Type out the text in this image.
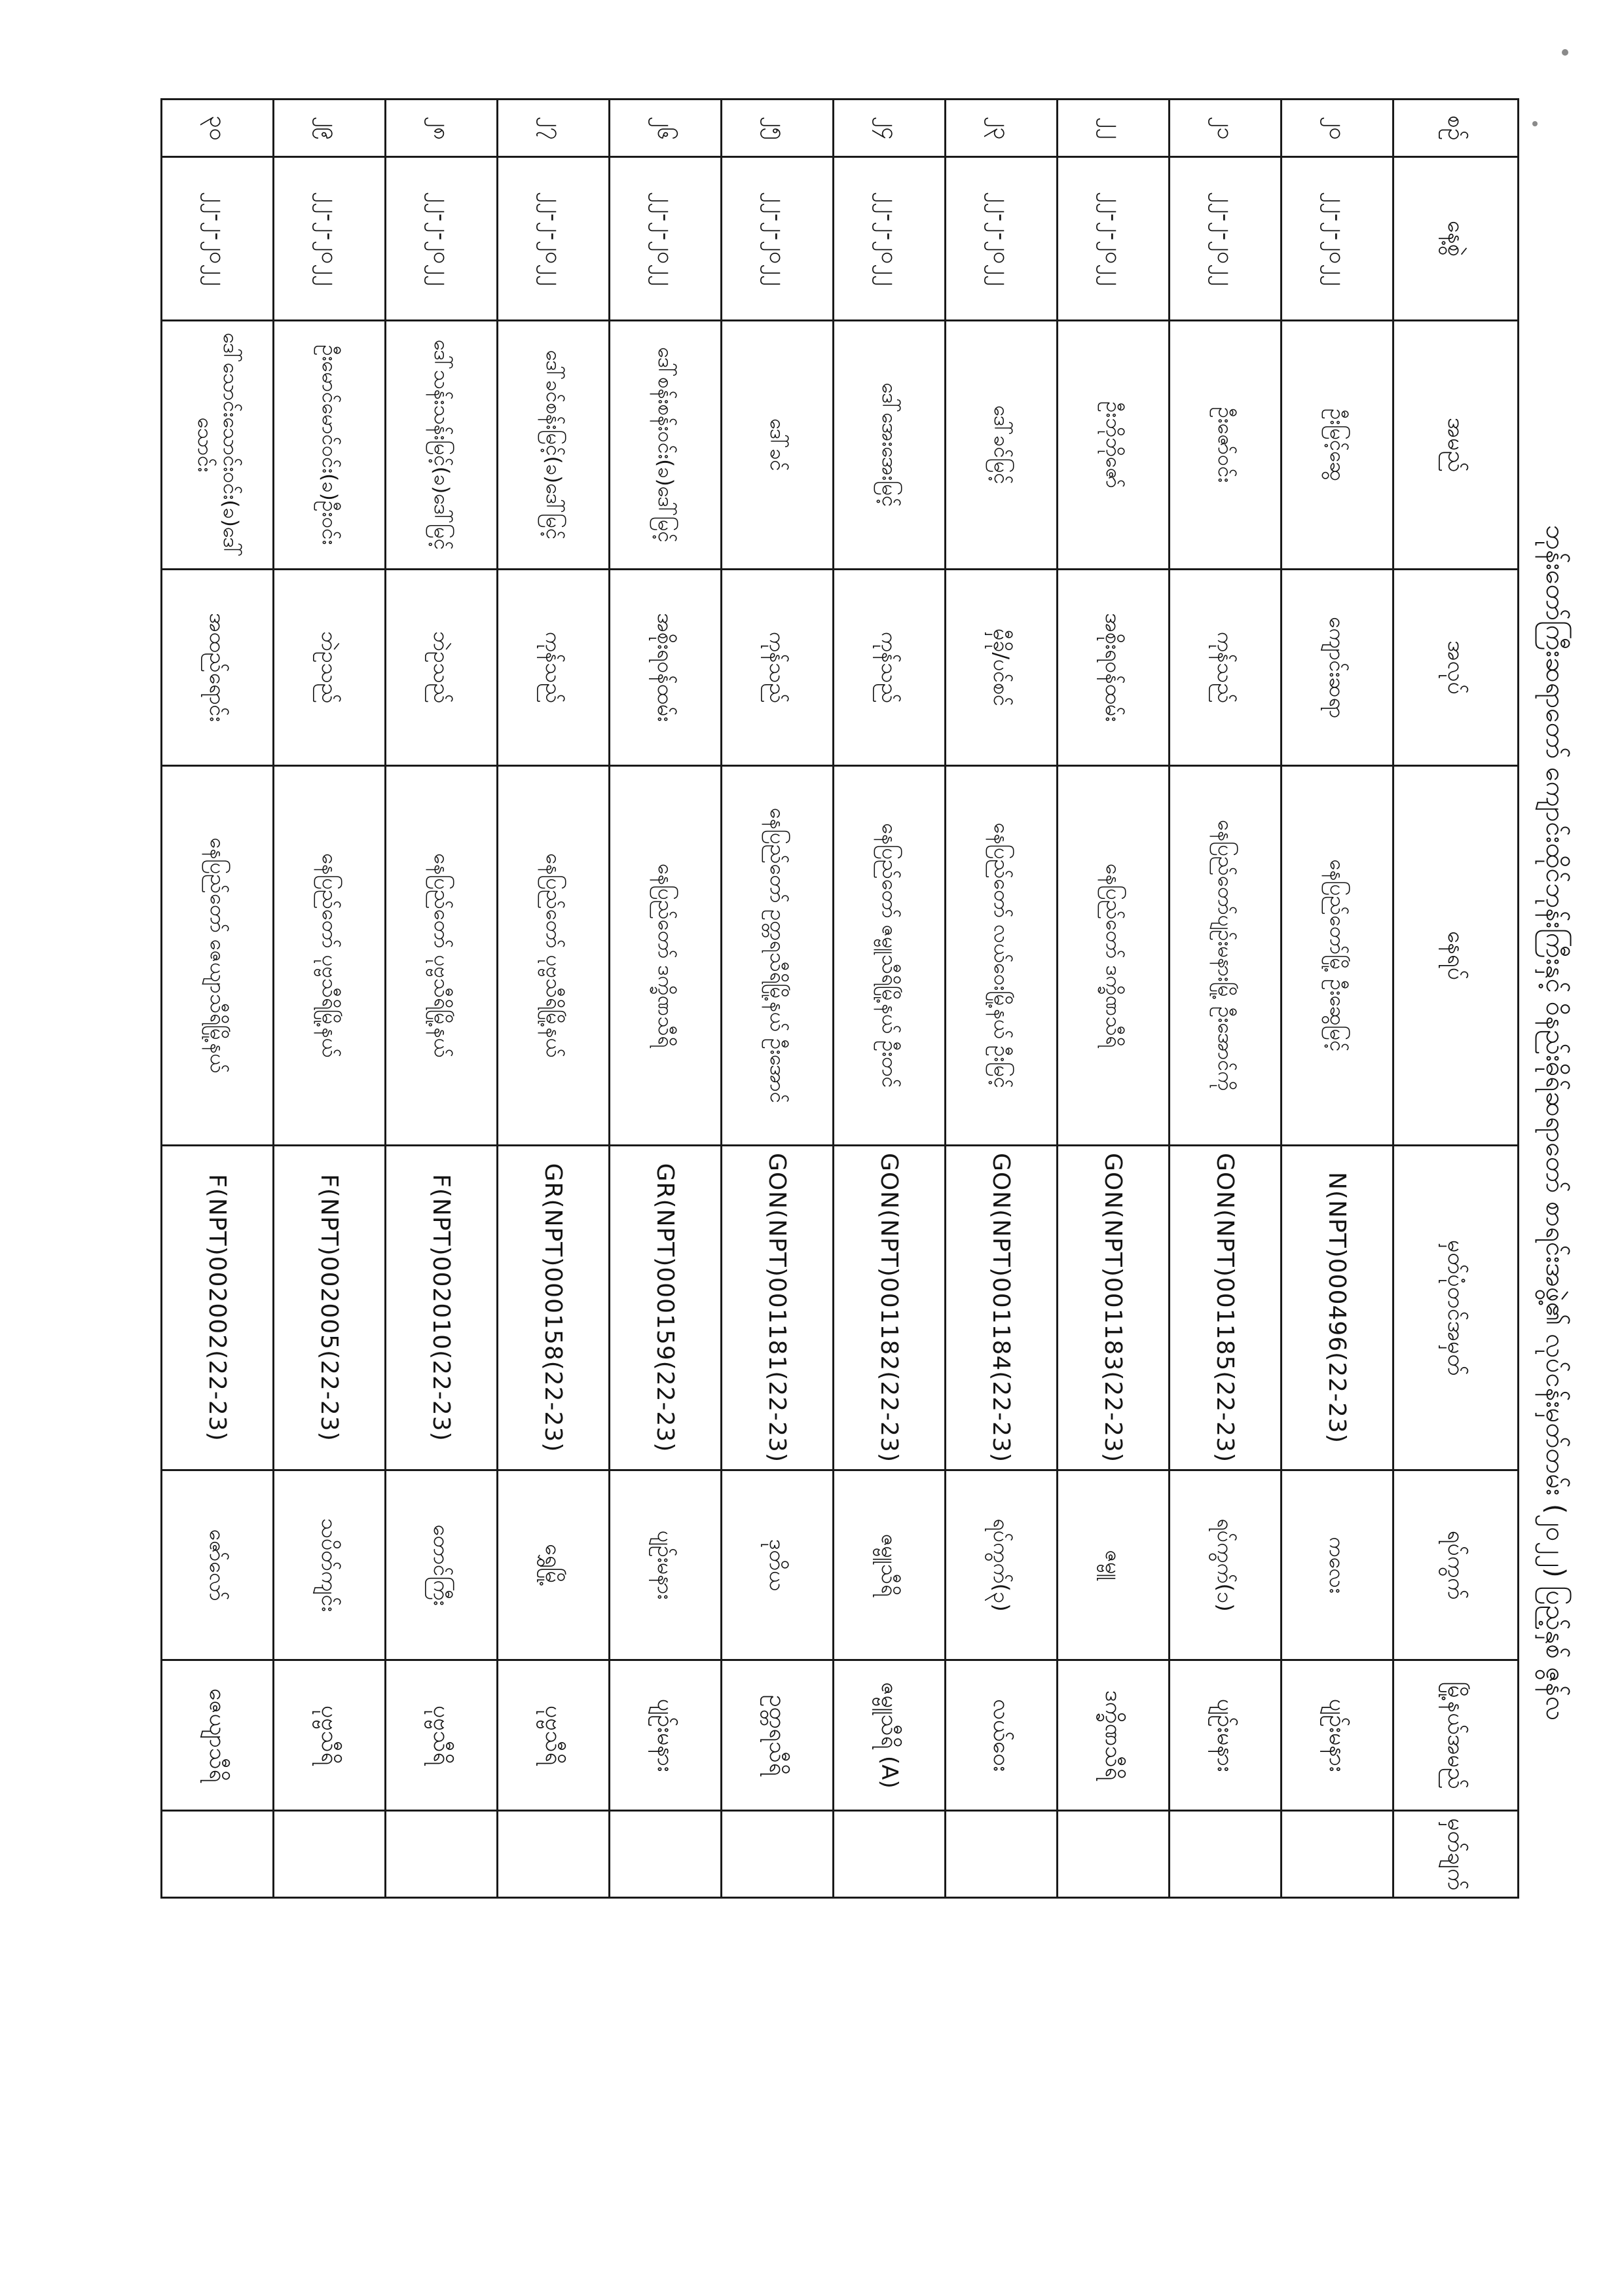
ဘုန်းတော်ကြီးဆရာတော် ကျောင်းထိုင်ဘုန်းကြီးနှင့် ဝိနည်းဓိုရ်ဆရာတော် စာရင်းအဖွဲ့၏ လုပ်ငန်းမှတ်တမ်း (၂၀၂၂) ပြည့်နှစ် ဇွန်လ
စဉ်	နေ့စွဲ	အမည်	အလုပ်	နေရပ်	မှတ်ပုံတင်အမှတ်	ရပ်ကွက်	မြို့နယ်အမည်	မှတ်ချက်
၂၀	၂၂-၂-၂၀၂၂	ဦးမြင့်ဆွေ	ကျောင်းဆရာ	နေပြည်တော်မြို့ ဦးဆွေမြင့်	N(NPT)000496(22-23)	ကလေး	ပျဉ်းမနား	
၂၁	၂၂-၂-၂၀၂၂	ဦးဇော်ဝင်း	ကုန်သည်	နေပြည်တော်ပျဉ်းမနားမြို့ ဦးအောင်ကို	GON(NPT)001185(22-23)	ရပ်ကွက်(၁)	ပျဉ်းမနား	
၂၂	၂၂-၂-၂၀၂၂	ဦးဘိုဘိုဇော်	အစိုးရဝန်ထမ်း	နေပြည်တော် ဒက္ခိဏသီရိ	GON(NPT)001183(22-23)	ဇမ္ဗူ	ဒက္ခိဏသီရိ	
၂၃	၂၂-၂-၂၀၂၂	ဒေါ်ခင်မြင့်	မှီခို/ပင်စင်	နေပြည်တော် လယ်ဝေးမြို့နယ် ဦးမြင့်	GON(NPT)001184(22-23)	ရပ်ကွက်(၃)	လယ်ဝေး	
၂၄	၂၂-၂-၂၀၂၂	ဒေါ်အေးအေးမြင့်	ကုန်သည်	နေပြည်တော် ဇမ္ဗူသီရိမြို့နယ် ဦးတင်	GON(NPT)001182(22-23)	ဇမ္ဗူသီရိ	ဇမ္ဗူသီရိ (A)	
၂၅	၂၂-၂-၂၀၂၂	ဒေါ်ခင်	ကုန်သည်	နေပြည်တော် ဥတ္တရသီရိမြို့နယ် ဦးအောင်	GON(NPT)001181(22-23)	ဒုတိယ	ဥတ္တရသီရိ	
၂၆	၂၂-၂-၂၀၂၂	ဒေါ်စန်းစန်းဝင်း(ခ)ဒေါ်မြင့်	အစိုးရဝန်ထမ်း	နေပြည်တော် ဒက္ခိဏသီရိ	GR(NPT)000159(22-23)	ပျဉ်းမနား	ပျဉ်းမနား	
၂၇	၂၂-၂-၂၀၂၂	ဒေါ်ခင်စန်းမြင့်(ခ)ဒေါ်မြင့်	ကုန်သည်	နေပြည်တော် ပုဗ္ဗသီရိမြို့နယ်	GR(NPT)000158(22-23)	ရွှေမြို့	ပုဗ္ဗသီရိ	
၂၈	၂၂-၂-၂၀၂၂	ဒေါ်သန်းသန်းမြင့်(ခ)ဒေါ်မြင့်	ဘဲဥသည်	နေပြည်တော် ပုဗ္ဗသီရိမြို့နယ်	F(NPT)002010(22-23)	တောင်ကြီး	ပုဗ္ဗသီရိ	
၂၉	၂၂-၂-၂၀၂၂	ဦးမောင်မောင်ဝင်း(ခ)ဦးဝင်း	ဘဲဥသည်	နေပြည်တော် ပုဗ္ဗသီရိမြို့နယ်	F(NPT)002005(22-23)	သပိတ်ကျင်း	ပုဗ္ဗသီရိ	
၃၀	၂၂-၂-၂၀၂၂	ဒေါ်သောင်းသောင်းဝင်း(ခ)ဒေါ်သောင်း	အထည်ရောင်း	နေပြည်တော် ဇေယျာသီရိမြို့နယ်	F(NPT)002002(22-23)	ဇော်လော်	ဇေယျာသီရိ	
